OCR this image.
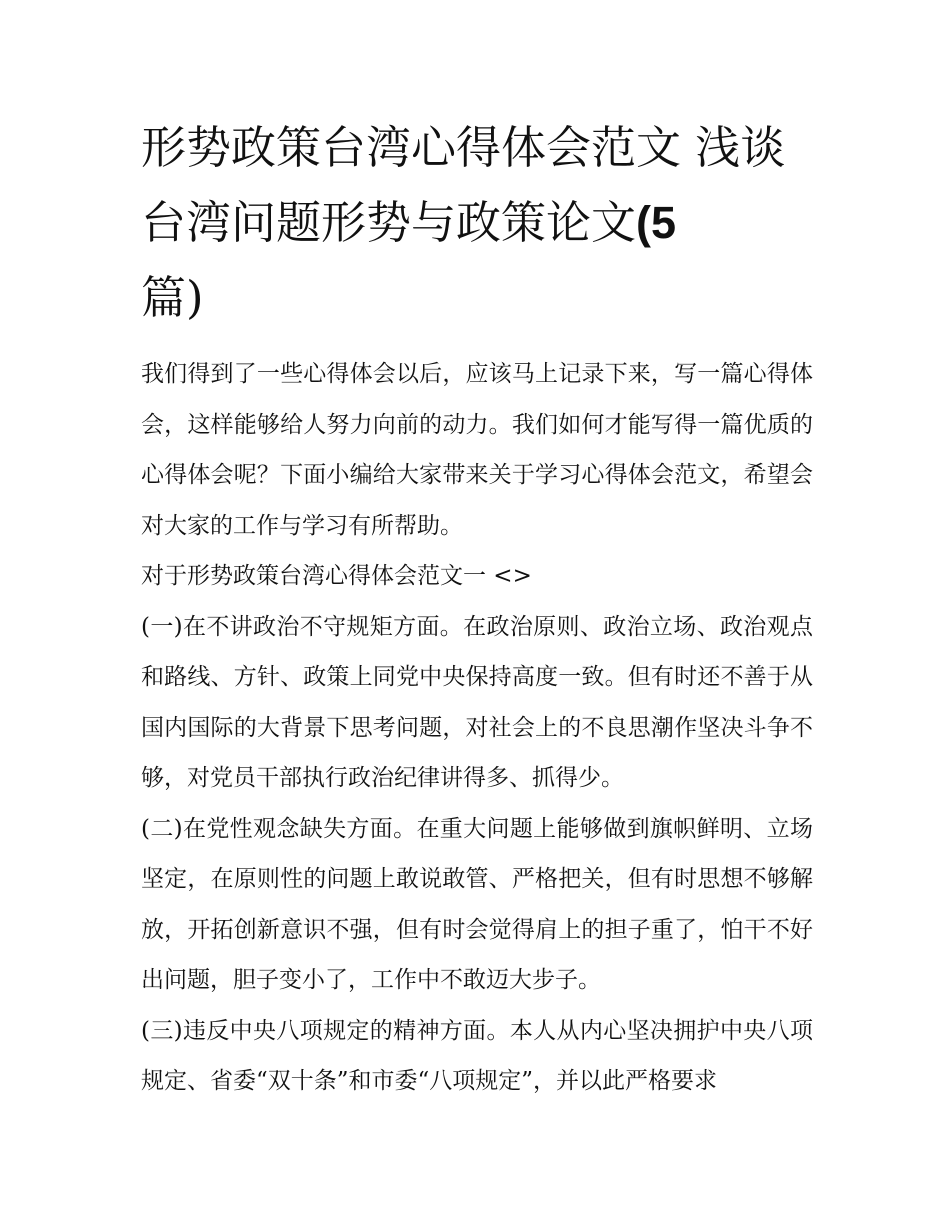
形势政策台湾心得体会范文 浅谈台湾问题形势与政策论文(5
篇)

我们得到了一些心得体会以后，应该马上记录下来，写一篇心得体会，这样能够给人努力向前的动力。我们如何才能写得一篇优质的心得体会呢？下面小编给大家带来关于学习心得体会范文，希望会对大家的工作与学习有所帮助。

对于形势政策台湾心得体会范文一 <>

(一)在不讲政治不守规矩方面。在政治原则、政治立场、政治观点和路线、方针、政策上同党中央保持高度一致。但有时还不善于从国内国际的大背景下思考问题，对社会上的不良思潮作坚决斗争不够，对党员干部执行政治纪律讲得多、抓得少。

(二)在党性观念缺失方面。在重大问题上能够做到旗帜鲜明、立场坚定，在原则性的问题上敢说敢管、严格把关，但有时思想不够解放，开拓创新意识不强，但有时会觉得肩上的担子重了，怕干不好出问题，胆子变小了，工作中不敢迈大步子。

(三)违反中央八项规定的精神方面。本人从内心坚决拥护中央八项规定、省委“双十条”和市委“八项规定”，并以此严格要求
